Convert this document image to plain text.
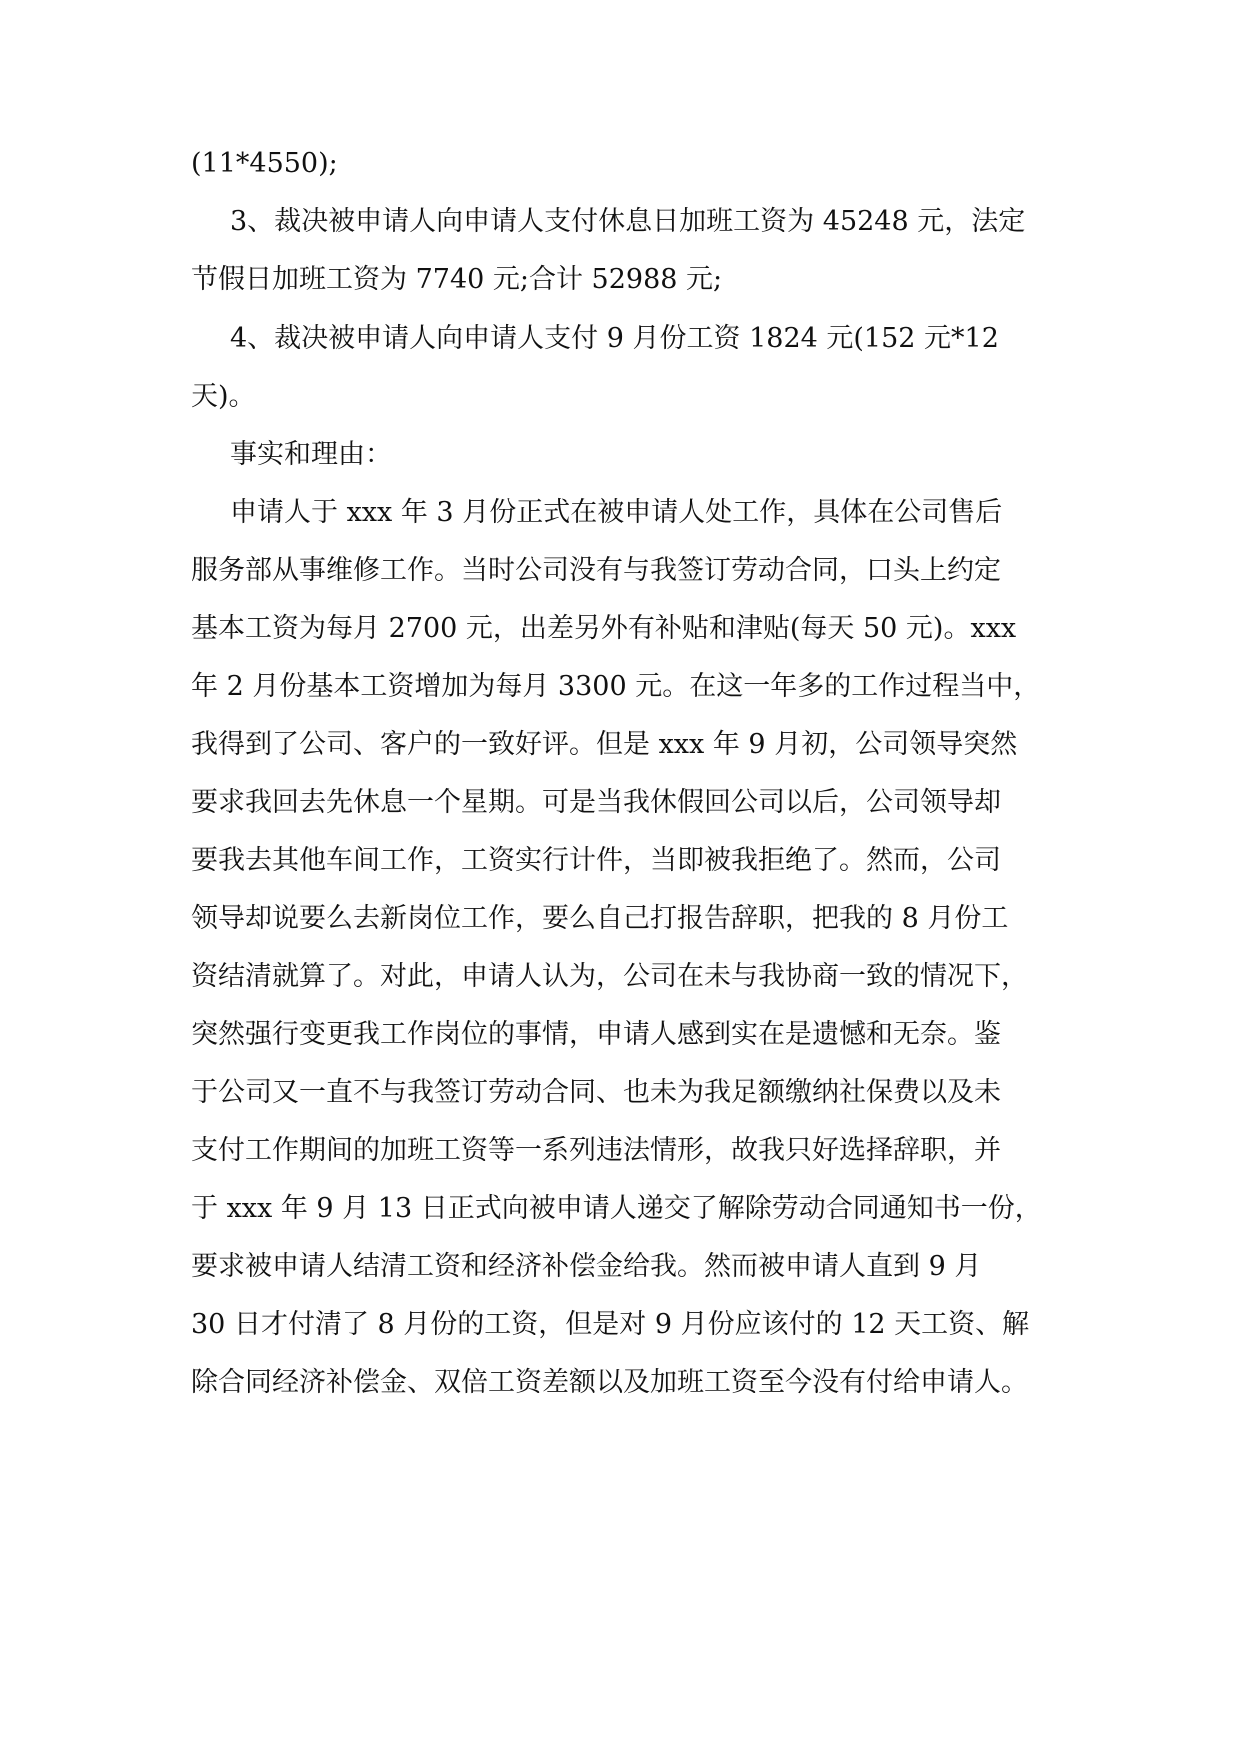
(11*4550);
3、裁决被申请人向申请人支付休息日加班工资为 45248 元，法定
节假日加班工资为 7740 元;合计 52988 元;
4、裁决被申请人向申请人支付 9 月份工资 1824 元(152 元*12
天)。
事实和理由：
申请人于 xxx 年 3 月份正式在被申请人处工作，具体在公司售后
服务部从事维修工作。当时公司没有与我签订劳动合同，口头上约定
基本工资为每月 2700 元，出差另外有补贴和津贴(每天 50 元)。xxx
年 2 月份基本工资增加为每月 3300 元。在这一年多的工作过程当中，
我得到了公司、客户的一致好评。但是 xxx 年 9 月初，公司领导突然
要求我回去先休息一个星期。可是当我休假回公司以后，公司领导却
要我去其他车间工作，工资实行计件，当即被我拒绝了。然而，公司
领导却说要么去新岗位工作，要么自己打报告辞职，把我的 8 月份工
资结清就算了。对此，申请人认为，公司在未与我协商一致的情况下，
突然强行变更我工作岗位的事情，申请人感到实在是遗憾和无奈。鉴
于公司又一直不与我签订劳动合同、也未为我足额缴纳社保费以及未
支付工作期间的加班工资等一系列违法情形，故我只好选择辞职，并
于 xxx 年 9 月 13 日正式向被申请人递交了解除劳动合同通知书一份，
要求被申请人结清工资和经济补偿金给我。然而被申请人直到 9 月
30 日才付清了 8 月份的工资，但是对 9 月份应该付的 12 天工资、解
除合同经济补偿金、双倍工资差额以及加班工资至今没有付给申请人。
